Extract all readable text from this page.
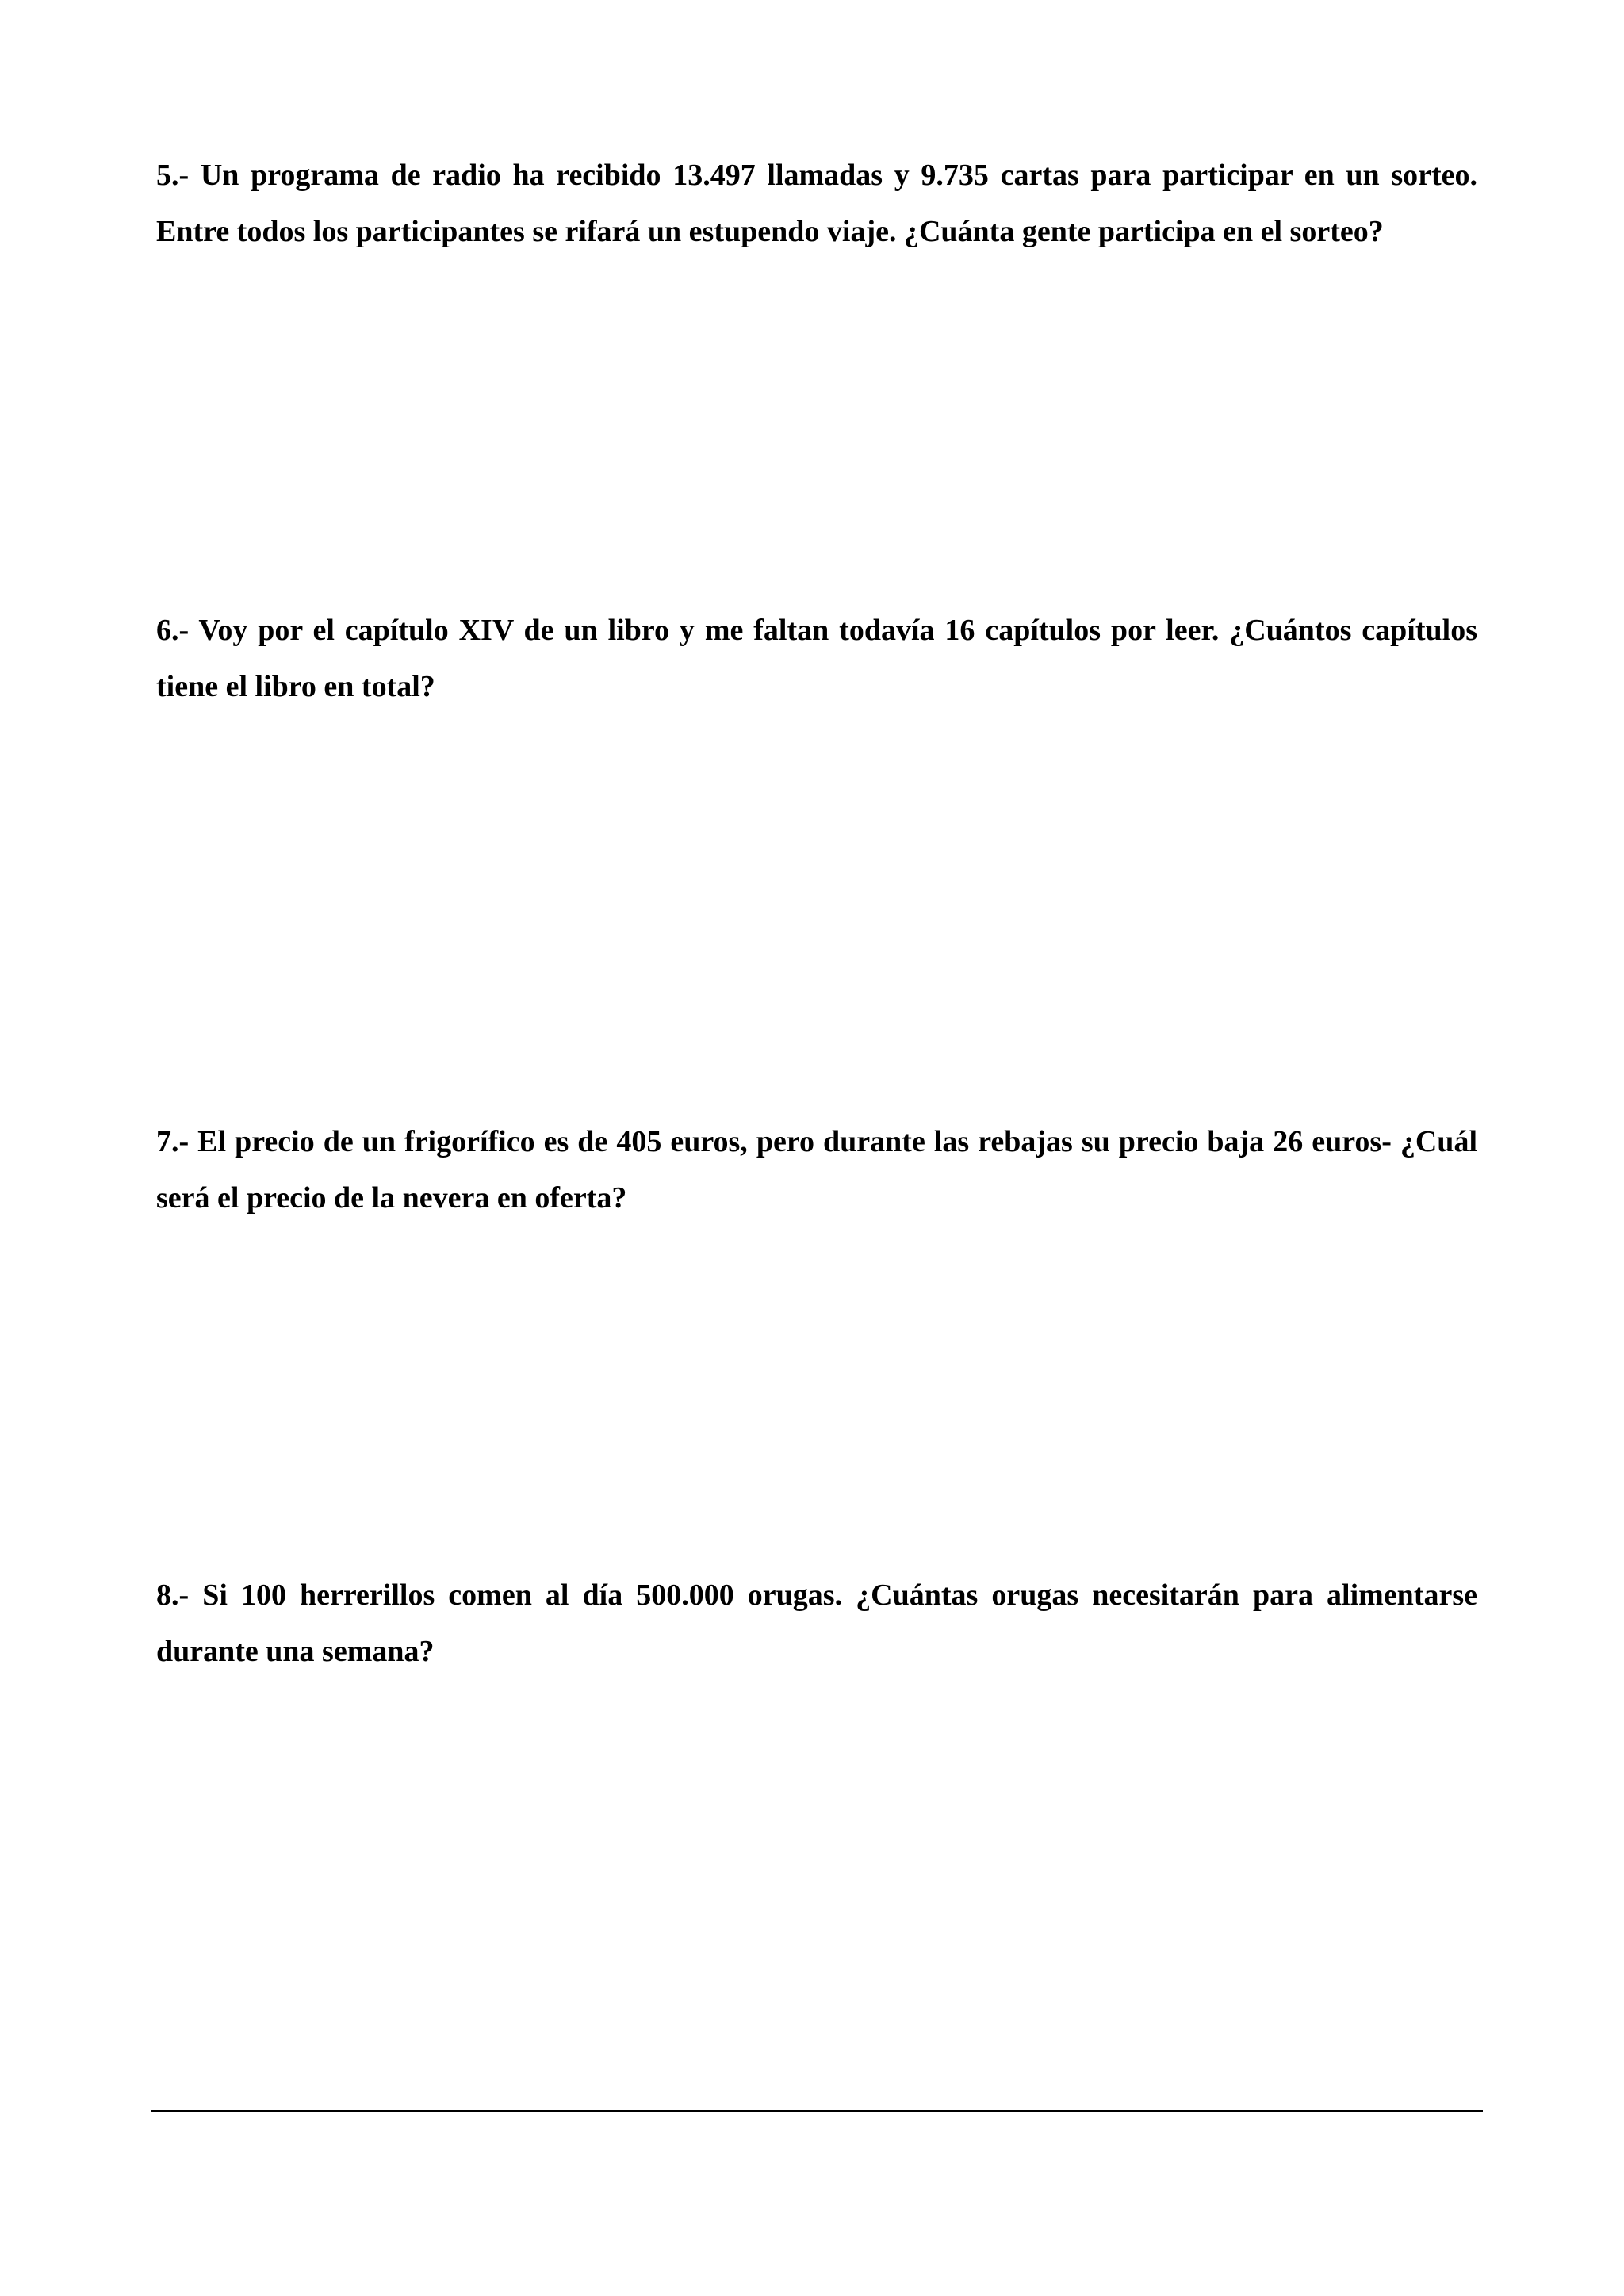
5.- Un programa de radio ha recibido 13.497 llamadas y 9.735 cartas para participar en un sorteo. Entre todos los participantes se rifará un estupendo viaje. ¿Cuánta gente participa en el sorteo?

6.- Voy por el capítulo XIV de un libro y me faltan todavía 16 capítulos por leer. ¿Cuántos capítulos tiene el libro en total?

7.- El precio de un frigorífico es de 405 euros, pero durante las rebajas su precio baja 26 euros- ¿Cuál será el precio de la nevera en oferta?

8.- Si 100 herrerillos comen al día 500.000 orugas. ¿Cuántas orugas necesitarán para alimentarse durante una semana?
